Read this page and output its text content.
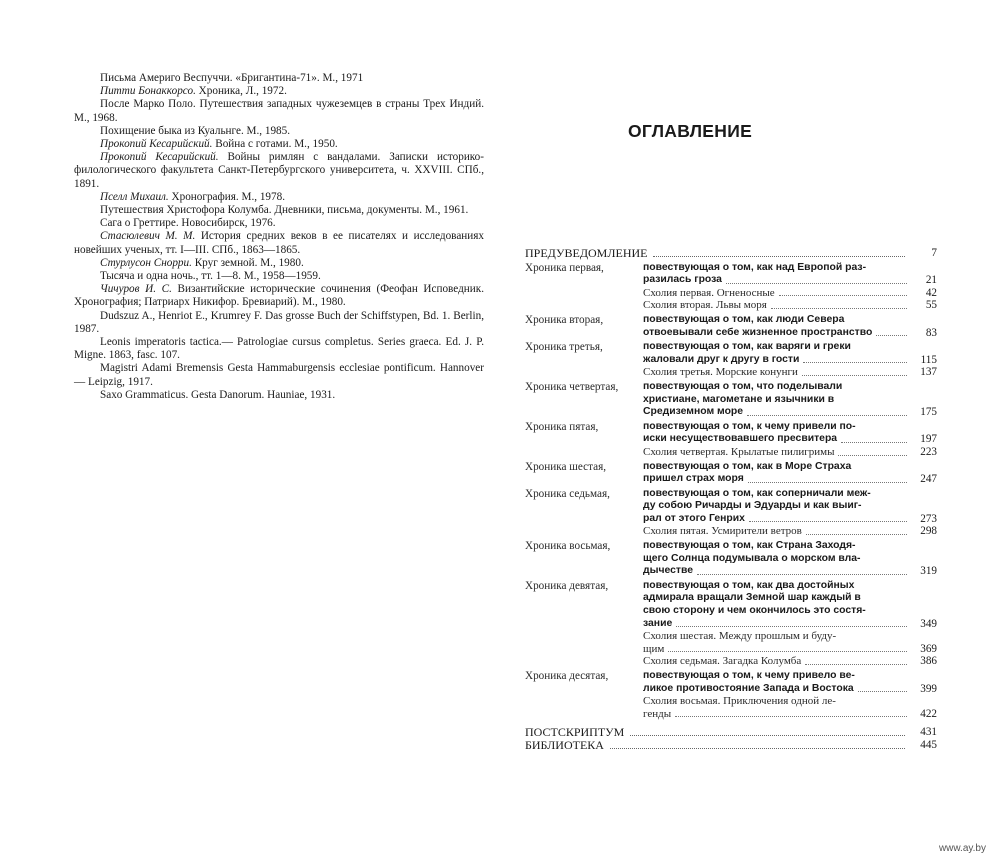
Письма Америго Веспуччи. «Бригантина-71». М., 1971

Питти Бонаккорсо. Хроника, Л., 1972.

После Марко Поло. Путешествия западных чужеземцев в страны Трех Индий. М., 1968.

Похищение быка из Куальнге. М., 1985.

Прокопий Кесарийский. Война с готами. М., 1950.

Прокопий Кесарийский. Войны римлян с вандалами. Записки историко-филологического факультета Санкт-Петербургского университета, ч. XXVIII. СПб., 1891.

Пселл Михаил. Хронография. М., 1978.

Путешествия Христофора Колумба. Дневники, письма, документы. М., 1961.

Сага о Греттире. Новосибирск, 1976.

Стасюлевич М. М. История средних веков в ее писателях и исследованиях новейших ученых, тт. I—III. СПб., 1863—1865.

Стурлусон Снорри. Круг земной. М., 1980.

Тысяча и одна ночь., тт. 1—8. М., 1958—1959.

Чичуров И. С. Византийские исторические сочинения (Феофан Исповедник. Хронография; Патриарх Никифор. Бревиарий). М., 1980.

Dudszuz A., Henriot E., Krumrey F. Das grosse Buch der Schiffstypen, Bd. 1. Berlin, 1987.

Leonis imperatoris tactica.— Patrologiae cursus completus. Series graeca. Ed. J. P. Migne. 1863, fasc. 107.

Magistri Adami Bremensis Gesta Hammaburgensis ecclesiae pontificum. Hannover — Leipzig, 1917.

Saxo Grammaticus. Gesta Danorum. Hauniae, 1931.

ОГЛАВЛЕНИЕ
ПРЕДУВЕДОМЛЕНИЕ	7
Хроника первая,	повествующая о том, как над Европой раз-
разилась гроза	21
Схолия первая. Огненосные	42
Схолия вторая. Львы моря	55
Хроника вторая,	повествующая о том, как люди Севера
отвоевывали себе жизненное пространство	83
Хроника третья,	повествующая о том, как варяги и греки
жаловали друг к другу в гости	115
Схолия третья. Морские конунги	137
Хроника четвертая,	повествующая о том, что поделывали
христиане, магометане и язычники в
Средиземном море	175
Хроника пятая,	повествующая о том, к чему привели по-
иски несуществовавшего пресвитера	197
Схолия четвертая. Крылатые пилигримы	223
Хроника шестая,	повествующая о том, как в Море Страха
пришел страх моря	247
Хроника седьмая,	повествующая о том, как соперничали меж-
ду собою Ричарды и Эдуарды и как выиг-
рал от этого Генрих	273
Схолия пятая. Усмирители ветров	298
Хроника восьмая,	повествующая о том, как Страна Заходя-
щего Солнца подумывала о морском вла-
дычестве	319
Хроника девятая,	повествующая о том, как два достойных
адмирала вращали Земной шар каждый в
свою сторону и чем окончилось это состя-
зание	349
Схолия шестая. Между прошлым и буду-
щим	369
Схолия седьмая. Загадка Колумба	386
Хроника десятая,	повествующая о том, к чему привело ве-
ликое противостояние Запада и Востока	399
Схолия восьмая. Приключения одной ле-
генды	422
ПОСТСКРИПТУМ	431
БИБЛИОТЕКА	445
www.ay.by
